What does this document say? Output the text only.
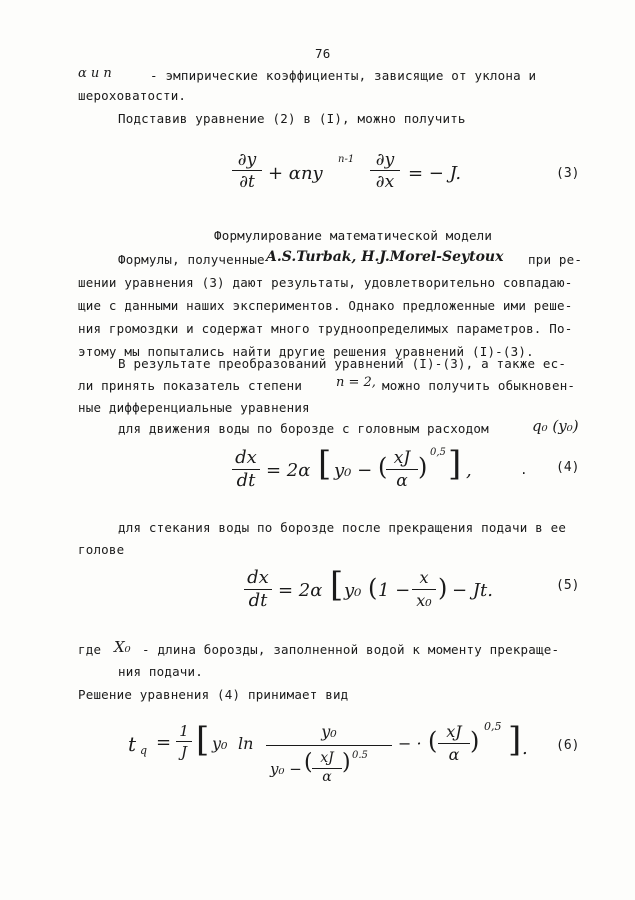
76
α и n	- эмпирические коэффициенты, зависящие от уклона и
шероховатости.
Подставив уравнение (2) в (I), можно получить
∂y
∂t + αny
n-1	∂y
∂x = − J.	(3)
Формулирование математической модели
Формулы, полученные A.S.Turbak, H.J.Morel-Seytoux при ре-
шении уравнения (3) дают результаты, удовлетворительно совпадаю-
щие с данными наших экспериментов. Однако предложенные ими реше-
ния громоздки и содержат много трудноопределимых параметров. По-
этому мы попытались найти другие решения уравнений (I)-(3).
В результате преобразований уравнений (I)-(3), а также ес-
ли принять показатель степени	n = 2, можно получить обыкновен-
ные дифференциальные уравнения
для движения воды по борозде с головным расходом	q₀ (y₀)
dx
dt = 2α [ y₀ − ( xJ
α )
0,5 ] ,	. (4)
для стекания воды по борозде после прекращения подачи в ее
голове
dx
dt = 2α [ y₀ ( 1 −
x
x₀ ) − Jt.	(5)
где X₀ - длина борозды, заполненной водой к моменту прекраще-
ния подачи.
Решение уравнения (4) принимает вид
t q =
1
J [ y₀ ln
y₀
y₀ − ( xJ
α
) 0.5
− · ( xJ
α )
0,5 ] . (6)
